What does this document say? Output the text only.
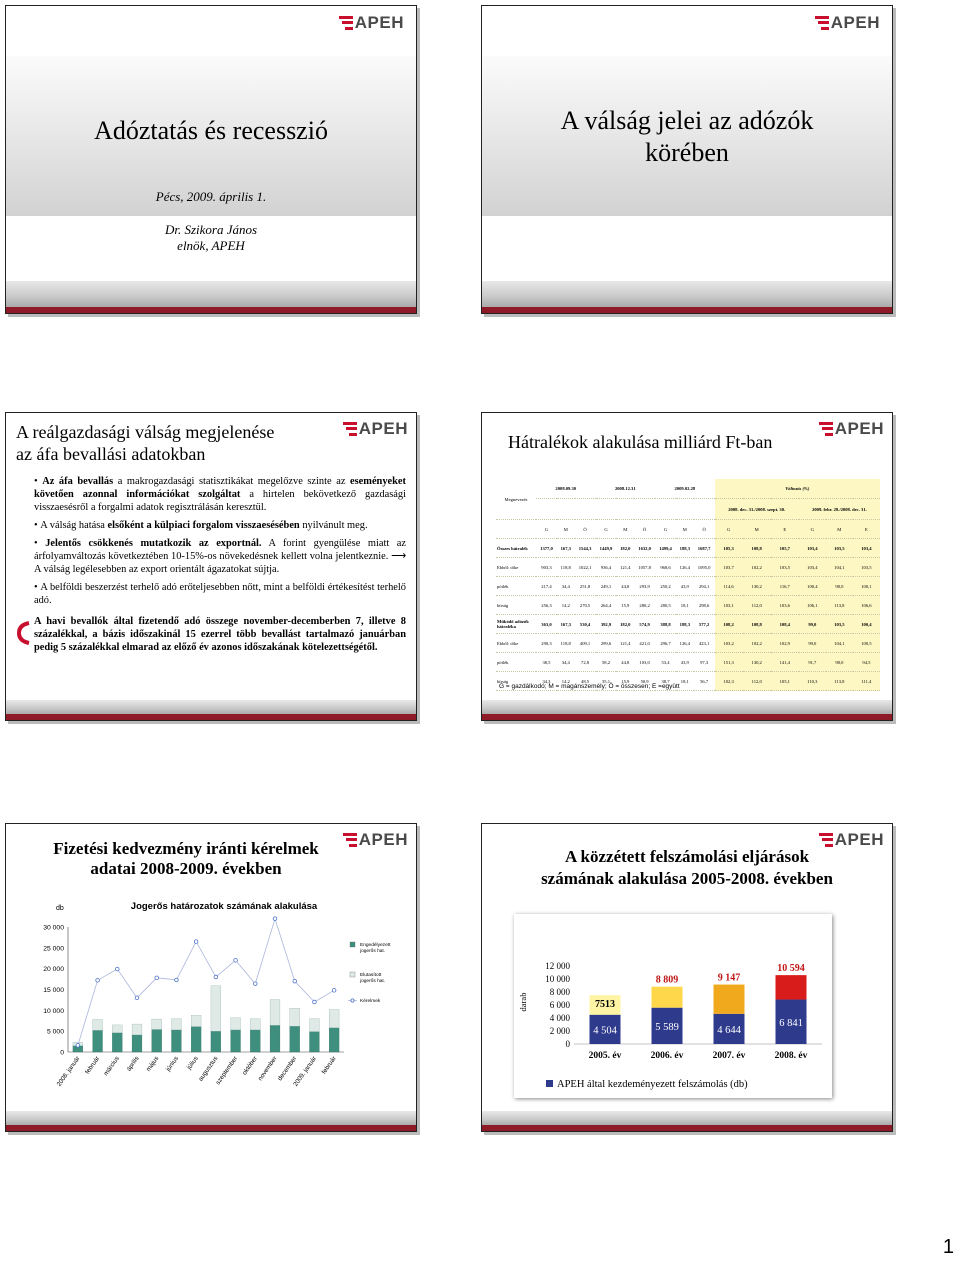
APEH
Adóztatás és recesszió
Pécs, 2009. április 1.
Dr. Szikora János
elnök, APEH
APEH
A válság jelei az adózók
körében
APEH
A reálgazdasági válság megjelenése
az áfa bevallási adatokban

• Az áfa bevallás a makrogazdasági statisztikákat megelőzve szinte az eseményeket követően azonnal információkat szolgáltat a hirtelen bekövetkező gazdasági visszaesésről a forgalmi adatok regisztrálásán keresztül.

• A válság hatása elsőként a külpiaci forgalom visszaesésében nyilvánult meg.

• Jelentős csökkenés mutatkozik az exportnál. A forint gyengülése miatt az árfolyamváltozás következtében 10-15%-os növekedésnek kellett volna jelentkeznie. ⟶ A válság legélesebben az export orientált ágazatokat sújtja.

• A belföldi beszerzést terhelő adó erőteljesebben nőtt, mint a belföldi értékesítést terhelő adó.

A havi bevallók által fizetendő adó összege november-decemberben 7, illetve 8 százalékkal, a bázis időszakinál 15 ezerrel több bevallást tartalmazó januárban pedig 5 százalékkal elmarad az előző év azonos időszakának kötelezettségétől.

APEH
Hátralékok alakulása milliárd Ft-ban
Megnevezés	2008.09.30			2008.12.31			2009.02.28			Változás (%)					
										2008. dec. 31./2008. szept. 30.			2009. febr. 28./2008. dec. 31.		
	G	M	Ö	G	M	Ö	G	M	Ö	G	M	E	G	M	E
Összes hátralék	1377,0	167,3	1544,3	1449,9	182,0	1632,0	1499,4	188,3	1687,7	105,3	108,8	105,7	103,4	103,5	103,4
Ebből: tőke	903,3	118,8	1022,1	936,4	121,4	1057,8	968,6	126,4	1095,0	103,7	102,2	103,5	103,4	104,1	103,5
pótlék	217,4	34,4	251,8	249,1	44,8	293,9	250,2	43,9	294,1	114,6	130,2	116,7	100,4	98,0	100,1
bírság	256,3	14,2	270,5	264,4	15,9	280,2	280,5	18,1	298,6	103,1	112,0	103,6	106,1	113,8	106,6
Működő adózók hátraléka	363,0	167,3	530,4	392,9	182,0	574,9	388,8	188,3	577,2	108,2	108,8	108,4	99,0	103,5	100,4
Ebből: tőke	290,3	118,8	409,1	299,6	121,4	421,0	296,7	126,4	423,1	103,2	102,2	102,9	99,0	104,1	100,5
pótlék	38,5	34,4	72,8	58,2	44,8	103,0	53,4	43,9	97,3	151,3	130,2	141,4	91,7	98,0	94,5
bírság	34,3	14,2	48,5	35,1	15,9	50,9	38,7	18,1	56,7	102,3	112,0	105,1	110,3	113,8	111,4
G = gazdálkodó; M = magánszemély; Ö = összesen; E =együtt
APEH
Fizetési kedvezmény iránti kérelmek
adatai 2008-2009. években
db	Jogerős határozatok számának alakulása
0
5 000
10 000
15 000
20 000
25 000
30 000
2008. január február március április május június július
augusztus
szeptember október
november
december
2009. január február
Engedélyezett jogerős hat.
Elutasított jogerős hat.
Kérelmek
APEH
A közzétett felszámolási eljárások
számának alakulása 2005-2008. években
darab
0
2 000
4 000
6 000
8 000
10 000
12 000
4 504
7513
2005. év
5 589
8 809
2006. év
4 644
9 147
2007. év
6 841
10 594
2008. év
APEH által kezdeményezett felszámolás (db)
1
